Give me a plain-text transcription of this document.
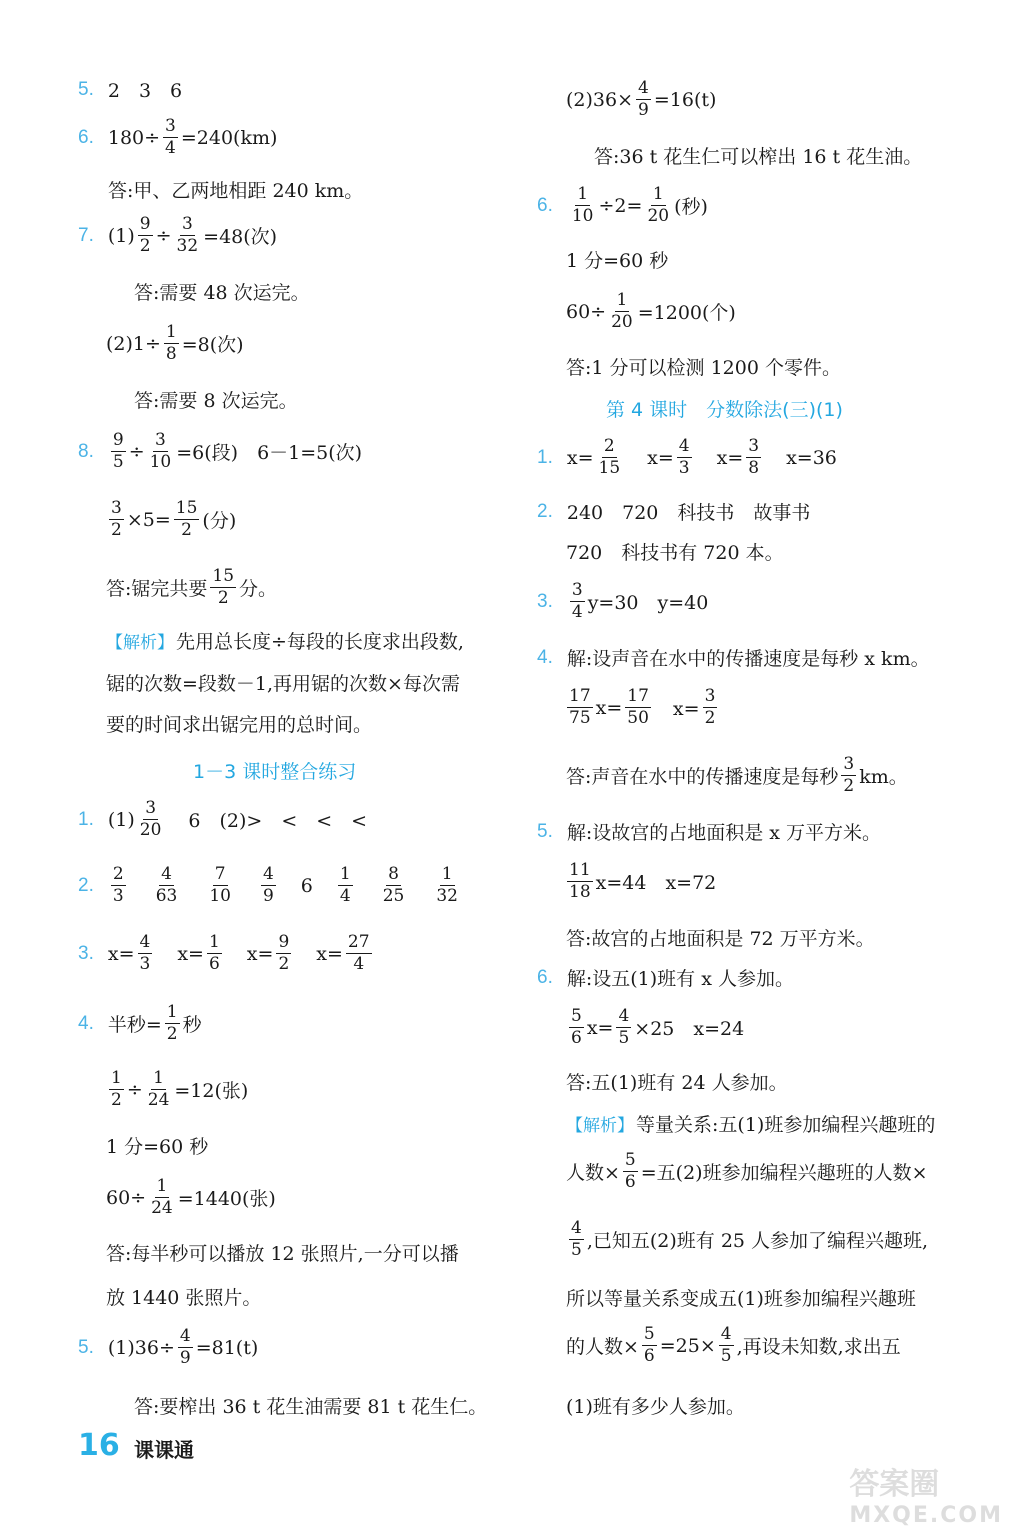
5. 2　3　6
6. $180\div \frac{3}{4} =240(km)$
答:甲、乙两地相距 240 km。
7. $(1) \frac{9}{2} \div \frac{3}{32} =48$(次)
答:需要 48 次运完。
$(2)1\div \frac{1}{8} =8$(次)
答:需要 8 次运完。
8. $\frac{9}{5} \div \frac{3}{10} =6$(段)　6－1=5(次)
$\frac{3}{2} \times 5= \frac{15}{2}$ (分)
答:锯完共要 $\frac{15}{2}$ 分。
【解析】 先用总长度÷每段的长度求出段数,
锯的次数=段数－1,再用锯的次数×每次需
要的时间求出锯完用的总时间。
1－3 课时整合练习
1. $(1) \frac{3}{20} 6$　(2)>　<　<　<
2. $\frac{2}{3} \frac{4}{63} \frac{7}{10} \frac{4}{9} 6 \frac{1}{4} \frac{8}{25} \frac{1}{32}$
3. $x= \frac{4}{3} x= \frac{1}{6} x= \frac{9}{2} x= \frac{27}{4}$
4. 半秒= $\frac{1}{2}$ 秒
$\frac{1}{2} \div \frac{1}{24} =12$(张)
1 分=60 秒
$60\div \frac{1}{24} =1440$(张)
答:每半秒可以播放 12 张照片,一分可以播
放 1440 张照片。
5. $(1)36\div \frac{4}{9} =81(t)$
答:要榨出 36 t 花生油需要 81 t 花生仁。
$(2)36\times \frac{4}{9} =16(t)$
答:36 t 花生仁可以榨出 16 t 花生油。
6. $\frac{1}{10} \div 2= \frac{1}{20}$ (秒)
1 分=60 秒
$60\div \frac{1}{20} =1200$(个)
答:1 分可以检测 1200 个零件。
第 4 课时　分数除法(三)(1)
1. $x= \frac{2}{15} x= \frac{4}{3} x= \frac{3}{8} x=36$
2. 240　720　科技书　故事书
720　科技书有 720 本。
3. $\frac{3}{4} y=30$　y=40
4. 解:设声音在水中的传播速度是每秒 x km。
$\frac{17}{75} x= \frac{17}{50}$ 　$x= \frac{3}{2}$
答:声音在水中的传播速度是每秒 $\frac{3}{2}$ km。
5. 解:设故宫的占地面积是 x 万平方米。
$\frac{11}{18} x=44$　x=72
答:故宫的占地面积是 72 万平方米。
6. 解:设五(1)班有 x 人参加。
$\frac{5}{6} x= \frac{4}{5} \times 25$　x=24
答:五(1)班有 24 人参加。
【解析】 等量关系:五(1)班参加编程兴趣班的
人数× $\frac{5}{6}$ =五(2)班参加编程兴趣班的人数×
$\frac{4}{5}$ ,已知五(2)班有 25 人参加了编程兴趣班,
所以等量关系变成五(1)班参加编程兴趣班
的人数× $\frac{5}{6} =25\times \frac{4}{5}$ ,再设未知数,求出五
(1)班有多少人参加。
16 课课通
答案圈
MXQE.COM
